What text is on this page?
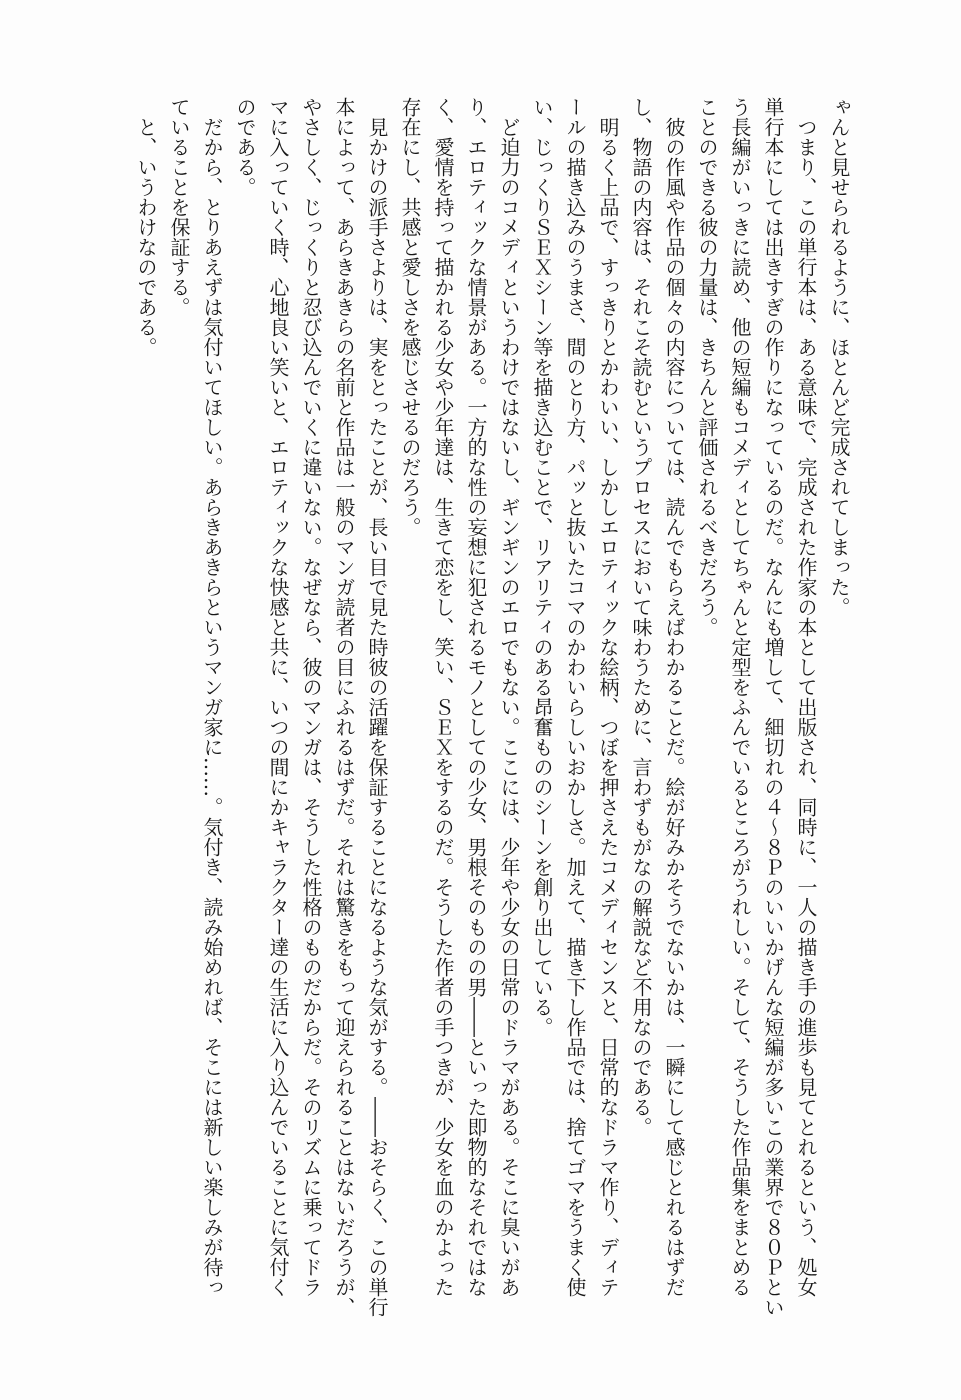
ゃんと見せられるように、ほとんど完成されてしまった。
つまり、この単行本は、ある意味で、完成された作家の本として出版され、同時に、一人の描き手の進歩も見てとれるという、処女
単行本にしては出きすぎの作りになっているのだ。なんにも増して、細切れの４～８Ｐのいいかげんな短編が多いこの業界で８０Ｐとい
う長編がいっきに読め、他の短編もコメディとしてちゃんと定型をふんでいるところがうれしい。そして、そうした作品集をまとめる
ことのできる彼の力量は、きちんと評価されるべきだろう。
彼の作風や作品の個々の内容については、読んでもらえばわかることだ。絵が好みかそうでないかは、一瞬にして感じとれるはずだ
し、物語の内容は、それこそ読むというプロセスにおいて味わうために、言わずもがなの解説など不用なのである。
明るく上品で、すっきりとかわいい、しかしエロティックな絵柄、つぼを押さえたコメディセンスと、日常的なドラマ作り、ディテ
ールの描き込みのうまさ、間のとり方、パッと抜いたコマのかわいらしいおかしさ。加えて、描き下し作品では、捨てゴマをうまく使
い、じっくりＳＥＸシーン等を描き込むことで、リアリティのある昂奮もののシーンを創り出している。
ど迫力のコメディというわけではないし、ギンギンのエロでもない。ここには、少年や少女の日常のドラマがある。そこに臭いがあ
り、エロティックな情景がある。一方的な性の妄想に犯されるモノとしての少女、男根そのものの男――といった即物的なそれではな
く、愛情を持って描かれる少女や少年達は、生きて恋をし、笑い、ＳＥＸをするのだ。そうした作者の手つきが、少女を血のかよった
存在にし、共感と愛しさを感じさせるのだろう。
見かけの派手さよりは、実をとったことが、長い目で見た時彼の活躍を保証することになるような気がする。――おそらく、この単行
本によって、あらきあきらの名前と作品は一般のマンガ読者の目にふれるはずだ。それは驚きをもって迎えられることはないだろうが、
やさしく、じっくりと忍び込んでいくに違いない。なぜなら、彼のマンガは、そうした性格のものだからだ。そのリズムに乗ってドラ
マに入っていく時、心地良い笑いと、エロティックな快感と共に、いつの間にかキャラクター達の生活に入り込んでいることに気付く
のである。
だから、とりあえずは気付いてほしい。あらきあきらというマンガ家に……。気付き、読み始めれば、そこには新しい楽しみが待っ
ていることを保証する。
と、いうわけなのである。
